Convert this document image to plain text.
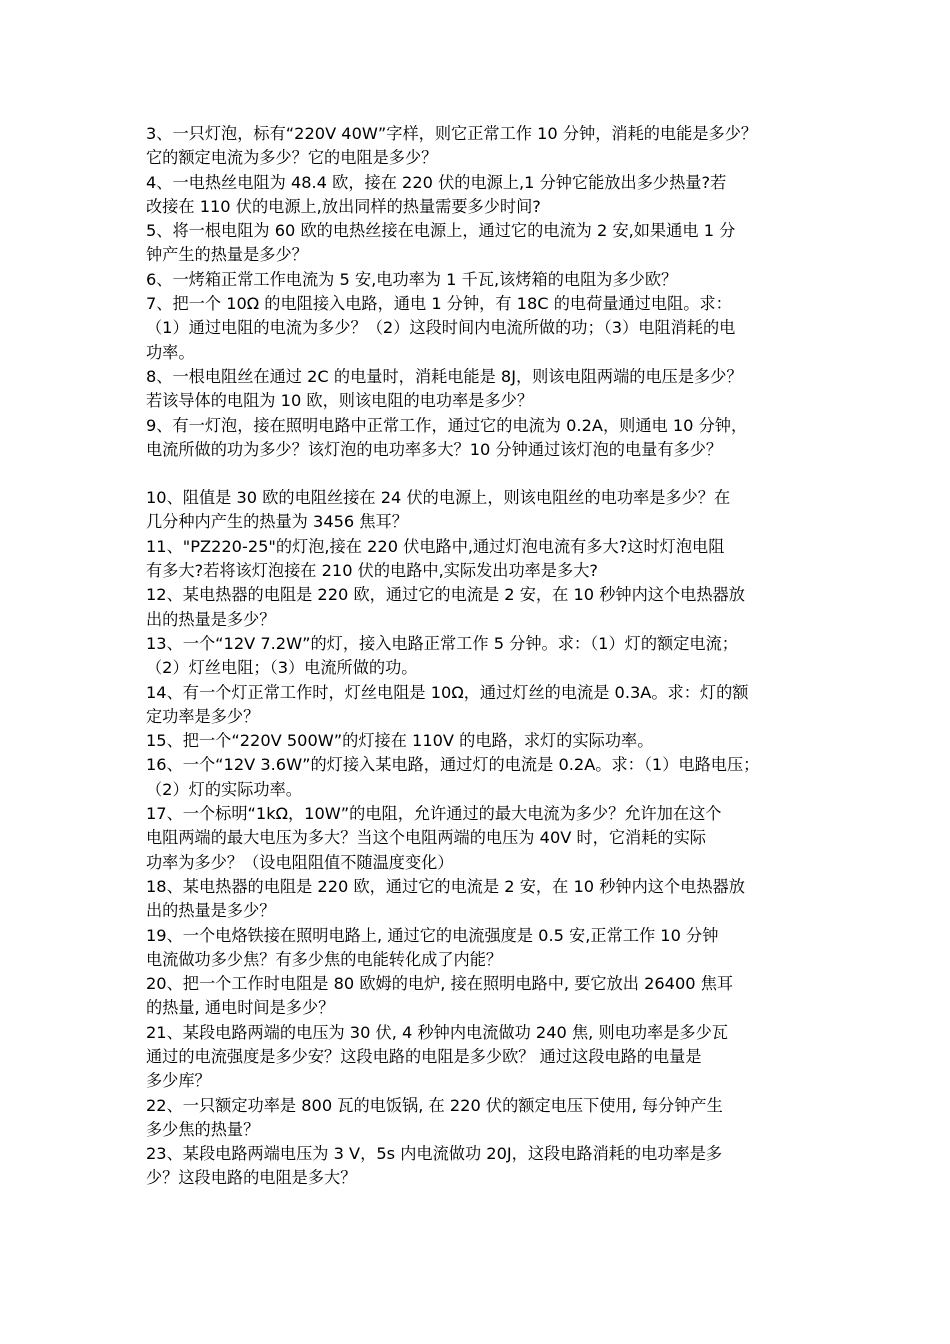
3、一只灯泡，标有“220V 40W”字样，则它正常工作 10 分钟，消耗的电能是多少？
它的额定电流为多少？它的电阻是多少？

4、一电热丝电阻为 48.4 欧，接在 220 伏的电源上,1 分钟它能放出多少热量?若
改接在 110 伏的电源上,放出同样的热量需要多少时间?

5、将一根电阻为 60 欧的电热丝接在电源上，通过它的电流为 2 安,如果通电 1 分
钟产生的热量是多少？

6、一烤箱正常工作电流为 5 安,电功率为 1 千瓦,该烤箱的电阻为多少欧？

7、把一个 10Ω 的电阻接入电路，通电 1 分钟，有 18C 的电荷量通过电阻。求：
（1）通过电阻的电流为多少？（2）这段时间内电流所做的功；（3）电阻消耗的电
功率。

8、一根电阻丝在通过 2C 的电量时，消耗电能是 8J，则该电阻两端的电压是多少？
若该导体的电阻为 10 欧，则该电阻的电功率是多少？

9、有一灯泡，接在照明电路中正常工作，通过它的电流为 0.2A，则通电 10 分钟，
电流所做的功为多少？该灯泡的电功率多大？10 分钟通过该灯泡的电量有多少？

10、阻值是 30 欧的电阻丝接在 24 伏的电源上，则该电阻丝的电功率是多少？在
几分种内产生的热量为 3456 焦耳？

11、"PZ220-25"的灯泡,接在 220 伏电路中,通过灯泡电流有多大?这时灯泡电阻
有多大?若将该灯泡接在 210 伏的电路中,实际发出功率是多大?

12、某电热器的电阻是 220 欧，通过它的电流是 2 安，在 10 秒钟内这个电热器放
出的热量是多少？

13、一个“12V 7.2W”的灯，接入电路正常工作 5 分钟。求：（1）灯的额定电流；
（2）灯丝电阻；（3）电流所做的功。

14、有一个灯正常工作时，灯丝电阻是 10Ω，通过灯丝的电流是 0.3A。求：灯的额
定功率是多少？

15、把一个“220V 500W”的灯接在 110V 的电路，求灯的实际功率。

16、一个“12V 3.6W”的灯接入某电路，通过灯的电流是 0.2A。求：（1）电路电压；
（2）灯的实际功率。

17、一个标明“1kΩ，10W”的电阻，允许通过的最大电流为多少？允许加在这个
电阻两端的最大电压为多大？当这个电阻两端的电压为 40V 时，它消耗的实际
功率为多少？（设电阻阻值不随温度变化）

18、某电热器的电阻是 220 欧，通过它的电流是 2 安，在 10 秒钟内这个电热器放
出的热量是多少？

19、一个电烙铁接在照明电路上, 通过它的电流强度是 0.5 安,正常工作 10 分钟
电流做功多少焦？有多少焦的电能转化成了内能？

20、把一个工作时电阻是 80 欧姆的电炉, 接在照明电路中, 要它放出 26400 焦耳
的热量, 通电时间是多少？

21、某段电路两端的电压为 30 伏, 4 秒钟内电流做功 240 焦, 则电功率是多少瓦
通过的电流强度是多少安？这段电路的电阻是多少欧？ 通过这段电路的电量是
多少库？

22、一只额定功率是 800 瓦的电饭锅, 在 220 伏的额定电压下使用, 每分钟产生
多少焦的热量？

23、某段电路两端电压为 3 V，5s 内电流做功 20J，这段电路消耗的电功率是多
少？这段电路的电阻是多大？
